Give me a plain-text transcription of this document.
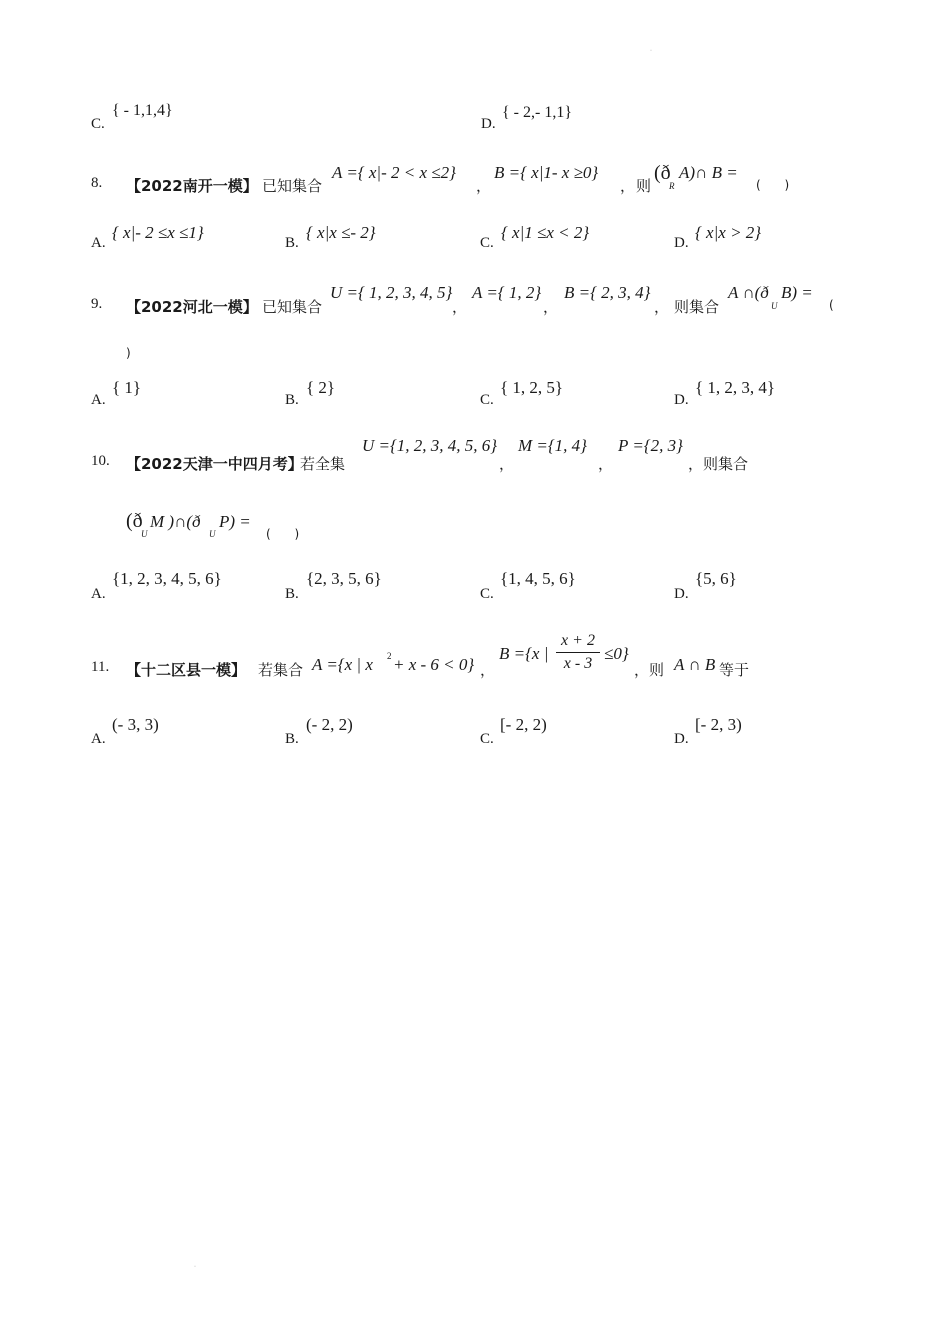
·
·
C.
{ - 1,1,4}
D.
{ - 2,- 1,1}
8. 【2022南开一模】 已知集合
A ={ x|- 2 < x ≤2}
，
B ={ x|1- x ≥0}
， 则
(ð
R
A)∩ B =
( )
A.
{ x|- 2 ≤x ≤1}
B.
{ x|x ≤- 2}
C.
{ x|1 ≤x < 2}
D.
{ x|x > 2}
9. 【2022河北一模】 已知集合
U ={ 1, 2, 3, 4, 5}
，
A ={ 1, 2}
，
B ={ 2, 3, 4}
， 则集合
A ∩(ð
U
B) =
(
)
A.
{ 1}
B.
{ 2}
C.
{ 1, 2, 5}
D.
{ 1, 2, 3, 4}
10. 【2022天津一中四月考】
若全集
U ={1, 2, 3, 4, 5, 6}
，
M ={1, 4}
，
P ={2, 3}
，则集合
(ð
U
M )∩(ð
U
P) =
( )
A.
{1, 2, 3, 4, 5, 6}
B.
{2, 3, 5, 6}
C.
{1, 4, 5, 6}
D.
{5, 6}
11. 【十二区县一模】 若集合 A ={x | x 2 + x - 6 < 0} ，
B ={x |
x + 2
x - 3
≤0}
，则 A ∩ B 等于
A.
(- 3, 3)
B.
(- 2, 2)
C.
[- 2, 2)
D.
[- 2, 3)
